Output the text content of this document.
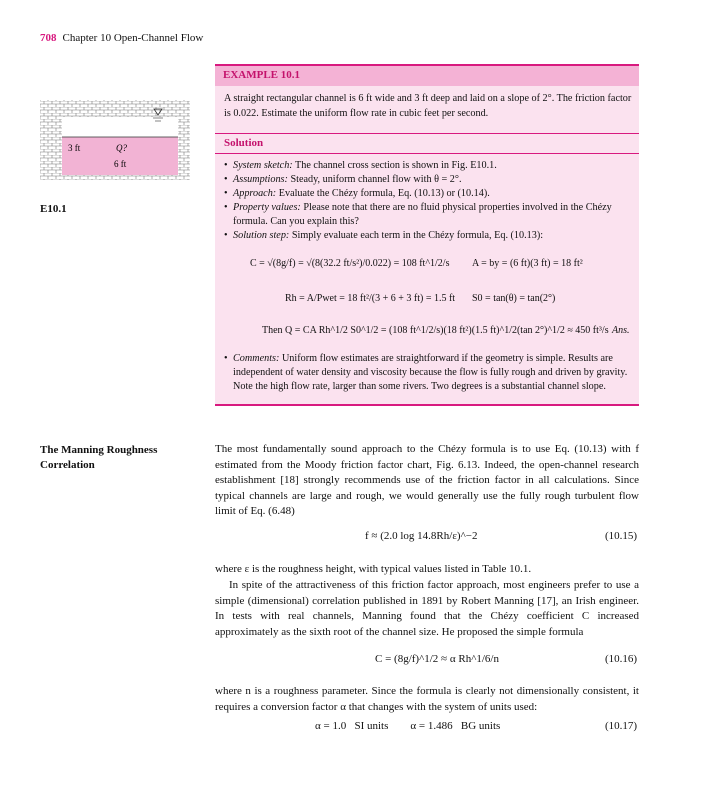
708 Chapter 10 Open-Channel Flow
EXAMPLE 10.1
A straight rectangular channel is 6 ft wide and 3 ft deep and laid on a slope of 2°. The friction factor is 0.022. Estimate the uniform flow rate in cubic feet per second.
Solution
• System sketch: The channel cross section is shown in Fig. E10.1.
• Assumptions: Steady, uniform channel flow with θ = 2°.
• Approach: Evaluate the Chézy formula, Eq. (10.13) or (10.14).
• Property values: Please note that there are no fluid physical properties involved in the Chézy formula. Can you explain this?
• Solution step: Simply evaluate each term in the Chézy formula, Eq. (10.13):
C = √(8g/f) = √(8(32.2 ft/s²)/0.022) = 108 ft^1/2/s A = by = (6 ft)(3 ft) = 18 ft²
Rh = A/Pwet = 18 ft²/(3 + 6 + 3 ft) = 1.5 ft S0 = tan(θ) = tan(2°)
Then Q = CA Rh^1/2 S0^1/2 = (108 ft^1/2/s)(18 ft²)(1.5 ft)^1/2(tan 2°)^1/2 ≈ 450 ft³/s Ans.
• Comments: Uniform flow estimates are straightforward if the geometry is simple. Results are independent of water density and viscosity because the flow is fully rough and driven by gravity. Note the high flow rate, larger than some rivers. Two degrees is a substantial channel slope.
3 ft	Q?
6 ft
E10.1
The Manning Roughness Correlation
The most fundamentally sound approach to the Chézy formula is to use Eq. (10.13) with f estimated from the Moody friction factor chart, Fig. 6.13. Indeed, the open-channel research establishment [18] strongly recommends use of the friction factor in all calculations. Since typical channels are large and rough, we would generally use the fully rough turbulent flow limit of Eq. (6.48)
f ≈ (2.0 log 14.8Rh/ε)^−2	(10.15)
where ε is the roughness height, with typical values listed in Table 10.1.
In spite of the attractiveness of this friction factor approach, most engineers prefer to use a simple (dimensional) correlation published in 1891 by Robert Manning [17], an Irish engineer. In tests with real channels, Manning found that the Chézy coefficient C increased approximately as the sixth root of the channel size. He proposed the simple formula
C = (8g/f)^1/2 ≈ α Rh^1/6/n	(10.16)
where n is a roughness parameter. Since the formula is clearly not dimensionally consistent, it requires a conversion factor α that changes with the system of units used:
α = 1.0   SI units        α = 1.486   BG units	(10.17)
